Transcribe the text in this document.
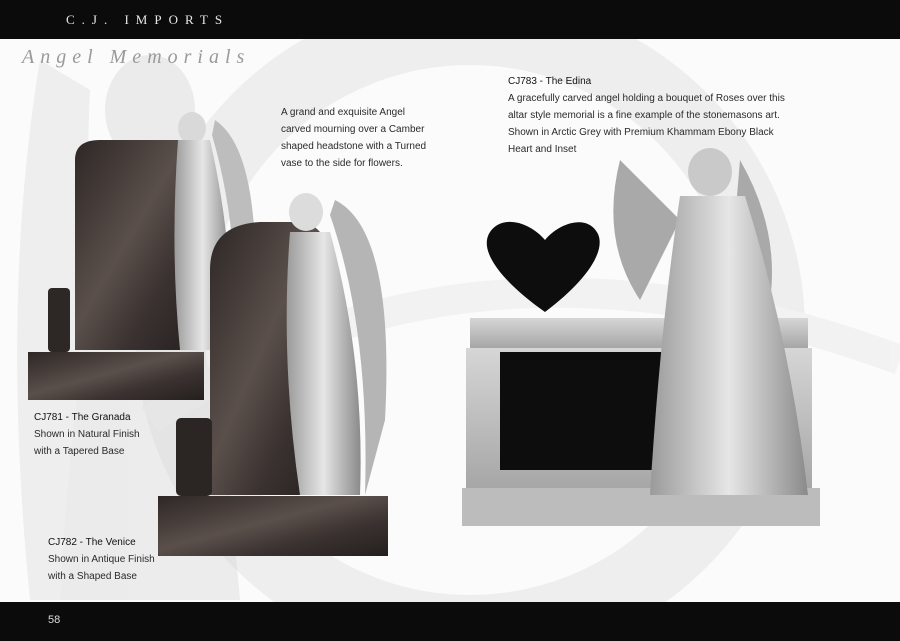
C.J. IMPORTS
Angel Memorials
CJ781 - The Granada
Shown in Natural Finish
with a Tapered Base
CJ782 - The Venice
Shown in Antique Finish
with a Shaped Base
A grand and exquisite Angel
carved mourning over a Camber
shaped headstone with a Turned
vase to the side for flowers.
CJ783 - The Edina
A gracefully carved angel holding a bouquet of Roses over this
altar style memorial is a fine example of the stonemasons art.
Shown in Arctic Grey with Premium Khammam Ebony Black
Heart and Inset
58
